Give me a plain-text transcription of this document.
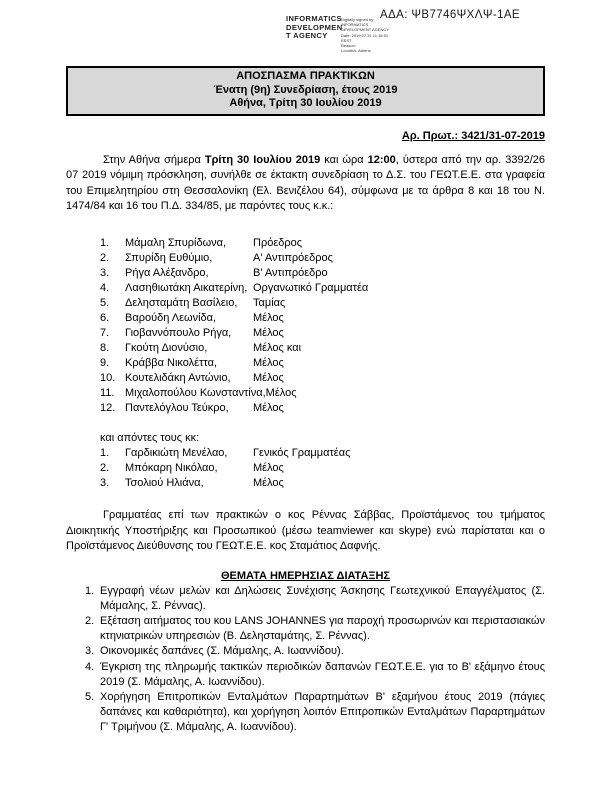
ΑΔΑ: ΨΒ7746ΨΧΛΨ-1ΑΕ
INFORMATICS
DEVELOPMEN
T AGENCY
Digitally signed by
INFORMATICS
DEVELOPMENT AGENCY
Date: 2019.07.31 11:15:51
EEST
Reason:
Location: Athens
ΑΠΟΣΠΑΣΜΑ ΠΡΑΚΤΙΚΩΝ
Ένατη (9η) Συνεδρίαση, έτους 2019
Αθήνα, Τρίτη 30 Ιουλίου 2019
Αρ. Πρωτ.: 3421/31-07-2019
Στην Αθήνα σήμερα Τρίτη 30 Ιουλίου 2019 και ώρα 12:00, ύστερα από την αρ. 3392/26 07 2019 νόμιμη πρόσκληση, συνήλθε σε έκτακτη συνεδρίαση το Δ.Σ. του ΓΕΩΤ.Ε.Ε. στα γραφεία του Επιμελητηρίου στη Θεσσαλονίκη (Ελ. Βενιζέλου 64), σύμφωνα με τα άρθρα 8 και 18 του Ν. 1474/84 και 16 του Π.Δ. 334/85, με παρόντες τους κ.κ.:
1.	Μάμαλη Σπυρίδωνα,	Πρόεδρος
2.	Σπυρίδη Ευθύμιο,	Α' Αντιπρόεδρος
3.	Ρήγα Αλέξανδρο,	Β' Αντιπρόεδρο
4.	Λασηθιωτάκη Αικατερίνη, Οργανωτικό Γραμματέα
5.	Δελησταμάτη Βασίλειο,	Ταμίας
6.	Βαρούδη Λεωνίδα,	Μέλος
7.	Γιοβαννόπουλο Ρήγα,	Μέλος
8.	Γκούτη Διονύσιο,	Μέλος και
9.	Κράββα Νικολέττα,	Μέλος
10. Κουτελιδάκη Αντώνιο,	Μέλος
11. Μιχαλοπούλου Κωνσταντίνα, Μέλος
12. Παντελόγλου Τεύκρο,	Μέλος
και απόντες τους κκ:
1.	Γαρδικιώτη Μενέλαο,	Γενικός Γραμματέας
2.	Μπόκαρη Νικόλαο,	Μέλος
3.	Τσολιού Ηλιάνα,	Μέλος
Γραμματέας επί των πρακτικών ο κος Ρέννας Σάββας, Προϊστάμενος του τμήματος Διοικητικής Υποστήριξης και Προσωπικού (μέσω teamviewer και skype) ενώ παρίσταται και ο Προϊστάμενος Διεύθυνσης του ΓΕΩΤ.Ε.Ε. κος Σταμάτιος Δαφνής.
ΘΕΜΑΤΑ ΗΜΕΡΗΣΙΑΣ ΔΙΑΤΑΞΗΣ
1. Εγγραφή νέων μελών και Δηλώσεις Συνέχισης Άσκησης Γεωτεχνικού Επαγγέλματος (Σ. Μάμαλης, Σ. Ρέννας).
2. Εξέταση αιτήματος του κου LANS JOHANNES για παροχή προσωρινών και περιστασιακών κτηνιατρικών υπηρεσιών (Β. Δελησταμάτης, Σ. Ρέννας).
3. Οικονομικές δαπάνες (Σ. Μάμαλης, Α. Ιωαννίδου).
4. Έγκριση της πληρωμής τακτικών περιοδικών δαπανών ΓΕΩΤ.Ε.Ε. για το Β' εξάμηνο έτους 2019 (Σ. Μάμαλης, Α. Ιωαννίδου).
5. Χορήγηση Επιτροπικών Ενταλμάτων Παραρτημάτων Β' εξαμήνου έτους 2019 (πάγιες δαπάνες και καθαριότητα), και χορήγηση λοιπόν Επιτροπικών Ενταλμάτων Παραρτημάτων Γ' Τριμήνου (Σ. Μάμαλης, Α. Ιωαννίδου).
